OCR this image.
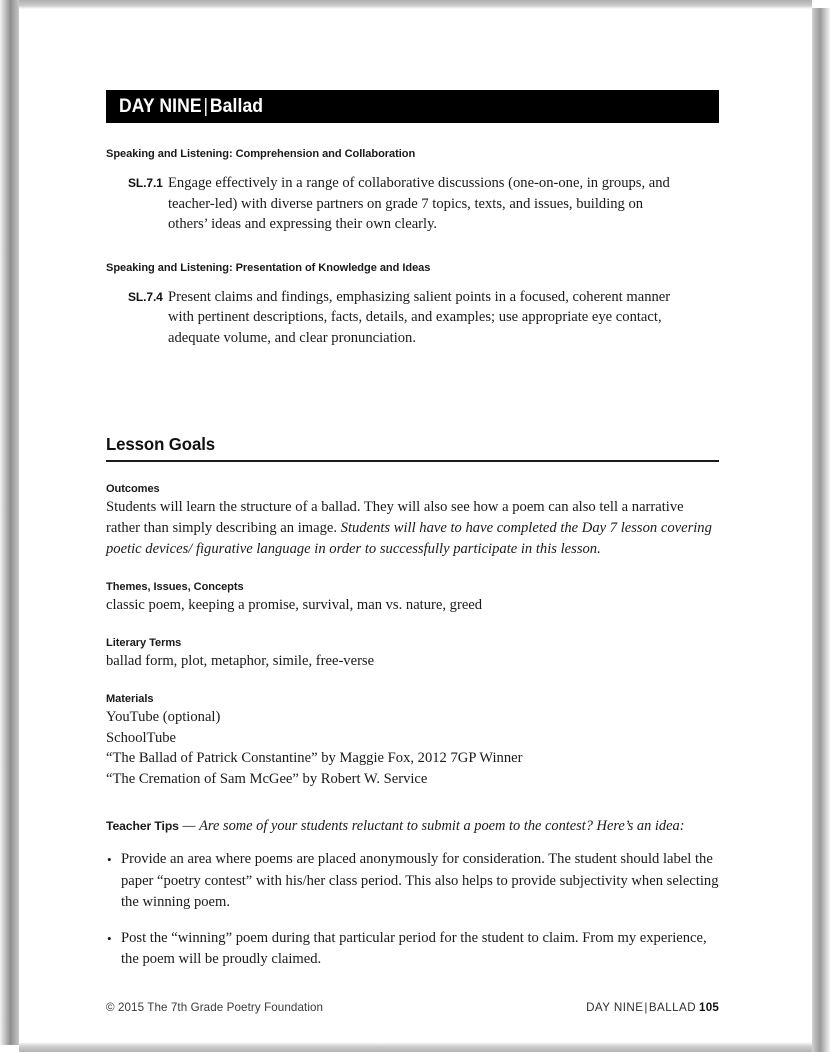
DAY NINE|Ballad
Speaking and Listening: Comprehension and Collaboration
SL.7.1 Engage effectively in a range of collaborative discussions (one-on-one, in groups, and teacher-led) with diverse partners on grade 7 topics, texts, and issues, building on others’ ideas and expressing their own clearly.
Speaking and Listening: Presentation of Knowledge and Ideas
SL.7.4 Present claims and findings, emphasizing salient points in a focused, coherent manner with pertinent descriptions, facts, details, and examples; use appropriate eye contact, adequate volume, and clear pronunciation.
Lesson Goals
Outcomes
Students will learn the structure of a ballad. They will also see how a poem can also tell a narrative rather than simply describing an image. Students will have to have completed the Day 7 lesson covering poetic devices/ figurative language in order to successfully participate in this lesson.
Themes, Issues, Concepts
classic poem, keeping a promise, survival, man vs. nature, greed
Literary Terms
ballad form, plot, metaphor, simile, free-verse
Materials
YouTube (optional)
SchoolTube
“The Ballad of Patrick Constantine” by Maggie Fox, 2012 7GP Winner
“The Cremation of Sam McGee” by Robert W. Service
Teacher Tips — Are some of your students reluctant to submit a poem to the contest? Here’s an idea:
• Provide an area where poems are placed anonymously for consideration. The student should label the paper “poetry contest” with his/her class period. This also helps to provide subjectivity when selecting the winning poem.
• Post the “winning” poem during that particular period for the student to claim. From my experience, the poem will be proudly claimed.
© 2015 The 7th Grade Poetry Foundation	DAY NINE|BALLAD 105
